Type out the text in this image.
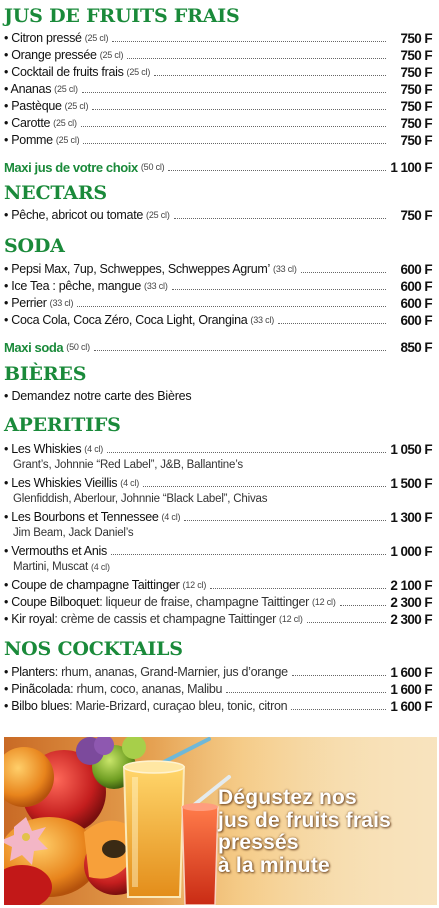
JUS DE FRUITS FRAIS
• Citron pressé (25 cl)	750 F
• Orange pressée (25 cl)	750 F
• Cocktail de fruits frais (25 cl)	750 F
• Ananas (25 cl)	750 F
• Pastèque (25 cl)	750 F
• Carotte (25 cl)	750 F
• Pomme (25 cl)	750 F
Maxi jus de votre choix (50 cl)	1 100 F
NECTARS
• Pêche, abricot ou tomate (25 cl)	750 F
SODA
• Pepsi Max, 7up, Schweppes, Schweppes Agrum’ (33 cl)	600 F
• Ice Tea : pêche, mangue (33 cl)	600 F
• Perrier (33 cl)	600 F
• Coca Cola, Coca Zéro, Coca Light, Orangina (33 cl)	600 F
Maxi soda (50 cl)	850 F
BIÈRES
• Demandez notre carte des Bières
APERITIFS
• Les Whiskies (4 cl)	1 050 F
Grant’s, Johnnie “Red Label”, J&B, Ballantine’s
• Les Whiskies Vieillis (4 cl)	1 500 F
Glenfiddish, Aberlour, Johnnie “Black Label”, Chivas
• Les Bourbons et Tennessee (4 cl)	1 300 F
Jim Beam, Jack Daniel’s
• Vermouths et Anis	1 000 F
Martini, Muscat (4 cl)
• Coupe de champagne Taittinger (12 cl)	2 100 F
• Coupe Bilboquet : liqueur de fraise, champagne Taittinger (12 cl)	2 300 F
• Kir royal : crème de cassis et champagne Taittinger (12 cl)	2 300 F
NOS COCKTAILS
• Planters : rhum, ananas, Grand-Marnier, jus d’orange	1 600 F
• Pinãcolada : rhum, coco, ananas, Malibu	1 600 F
• Bilbo blues : Marie-Brizard, curaçao bleu, tonic, citron	1 600 F
Dégustez nos
jus de fruits frais
pressés
à la minute
